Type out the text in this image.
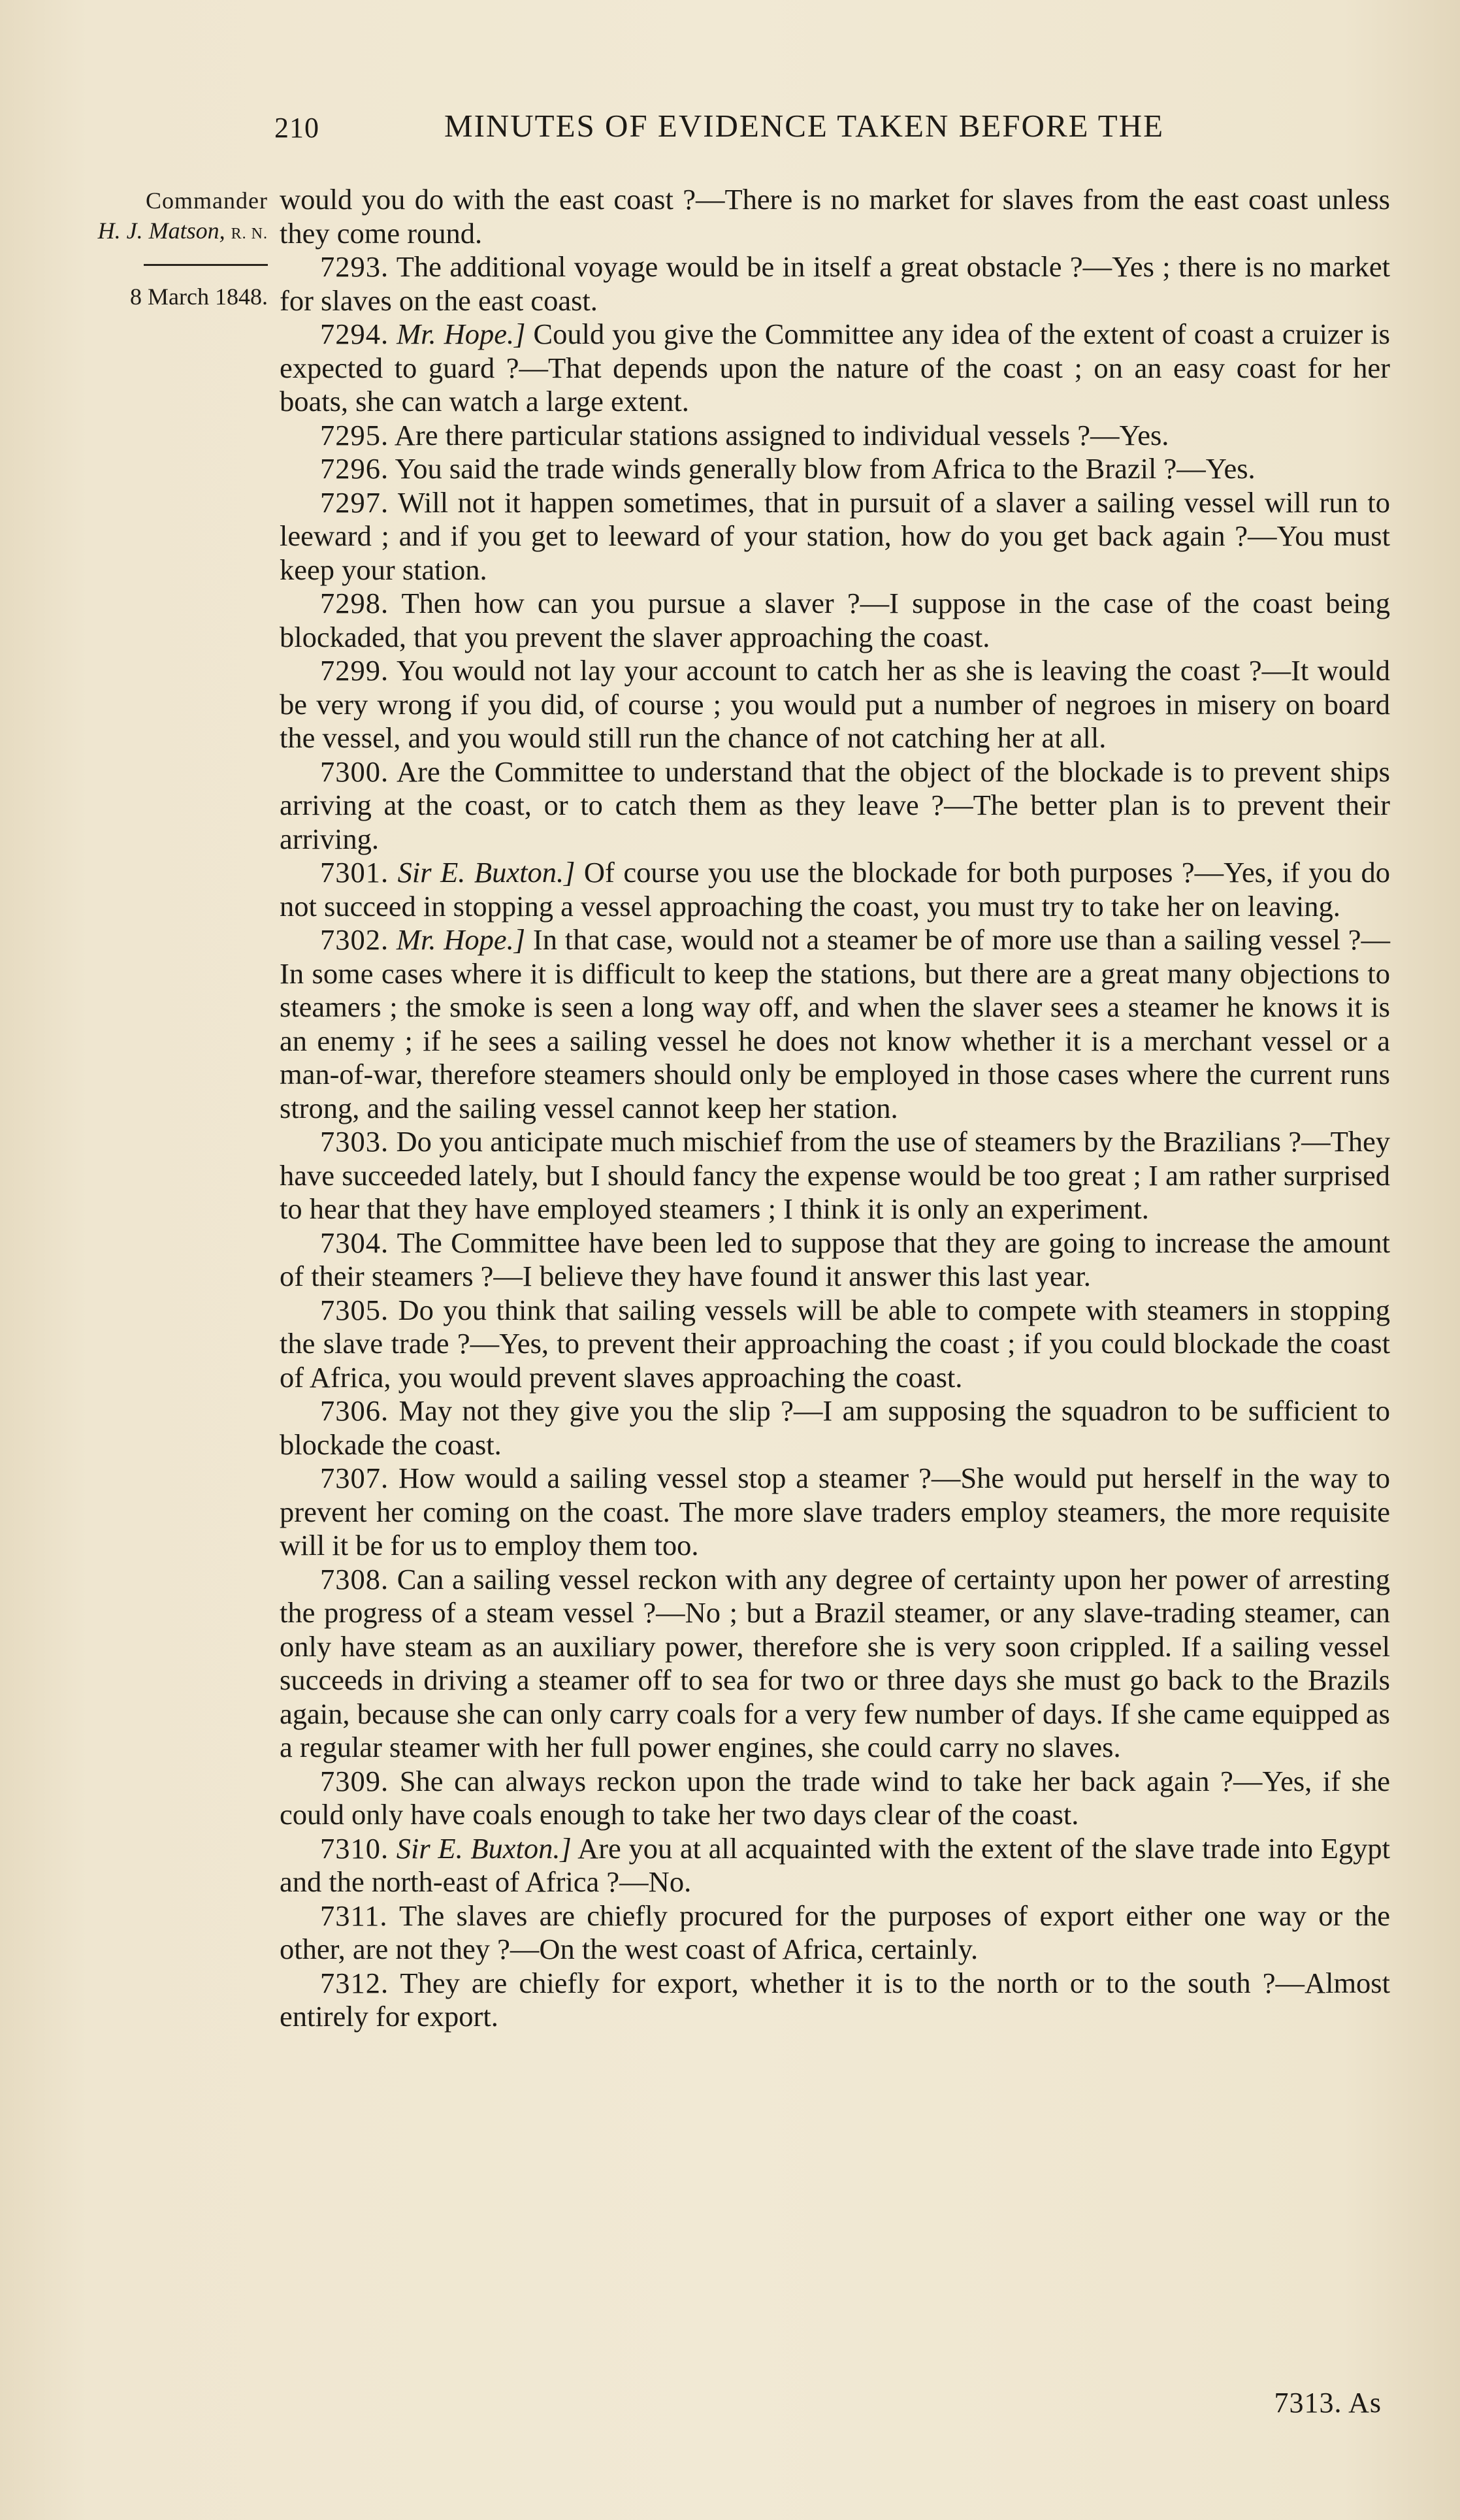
210	MINUTES OF EVIDENCE TAKEN BEFORE THE
Commander
H. J. Matson, R. N.
8 March 1848.

would you do with the east coast ?—There is no market for slaves from the east coast unless they come round.

7293. The additional voyage would be in itself a great obstacle ?—Yes ; there is no market for slaves on the east coast.

7294. Mr. Hope.] Could you give the Committee any idea of the extent of coast a cruizer is expected to guard ?—That depends upon the nature of the coast ; on an easy coast for her boats, she can watch a large extent.

7295. Are there particular stations assigned to individual vessels ?—Yes.

7296. You said the trade winds generally blow from Africa to the Brazil ?—Yes.

7297. Will not it happen sometimes, that in pursuit of a slaver a sailing vessel will run to leeward ; and if you get to leeward of your station, how do you get back again ?—You must keep your station.

7298. Then how can you pursue a slaver ?—I suppose in the case of the coast being blockaded, that you prevent the slaver approaching the coast.

7299. You would not lay your account to catch her as she is leaving the coast ?—It would be very wrong if you did, of course ; you would put a number of negroes in misery on board the vessel, and you would still run the chance of not catching her at all.

7300. Are the Committee to understand that the object of the blockade is to prevent ships arriving at the coast, or to catch them as they leave ?—The better plan is to prevent their arriving.

7301. Sir E. Buxton.] Of course you use the blockade for both purposes ?—Yes, if you do not succeed in stopping a vessel approaching the coast, you must try to take her on leaving.

7302. Mr. Hope.] In that case, would not a steamer be of more use than a sailing vessel ?—In some cases where it is difficult to keep the stations, but there are a great many objections to steamers ; the smoke is seen a long way off, and when the slaver sees a steamer he knows it is an enemy ; if he sees a sailing vessel he does not know whether it is a merchant vessel or a man-of-war, therefore steamers should only be employed in those cases where the current runs strong, and the sailing vessel cannot keep her station.

7303. Do you anticipate much mischief from the use of steamers by the Brazilians ?—They have succeeded lately, but I should fancy the expense would be too great ; I am rather surprised to hear that they have employed steamers ; I think it is only an experiment.

7304. The Committee have been led to suppose that they are going to increase the amount of their steamers ?—I believe they have found it answer this last year.

7305. Do you think that sailing vessels will be able to compete with steamers in stopping the slave trade ?—Yes, to prevent their approaching the coast ; if you could blockade the coast of Africa, you would prevent slaves approaching the coast.

7306. May not they give you the slip ?—I am supposing the squadron to be sufficient to blockade the coast.

7307. How would a sailing vessel stop a steamer ?—She would put herself in the way to prevent her coming on the coast. The more slave traders employ steamers, the more requisite will it be for us to employ them too.

7308. Can a sailing vessel reckon with any degree of certainty upon her power of arresting the progress of a steam vessel ?—No ; but a Brazil steamer, or any slave-trading steamer, can only have steam as an auxiliary power, therefore she is very soon crippled. If a sailing vessel succeeds in driving a steamer off to sea for two or three days she must go back to the Brazils again, because she can only carry coals for a very few number of days. If she came equipped as a regular steamer with her full power engines, she could carry no slaves.

7309. She can always reckon upon the trade wind to take her back again ?—Yes, if she could only have coals enough to take her two days clear of the coast.

7310. Sir E. Buxton.] Are you at all acquainted with the extent of the slave trade into Egypt and the north-east of Africa ?—No.

7311. The slaves are chiefly procured for the purposes of export either one way or the other, are not they ?—On the west coast of Africa, certainly.

7312. They are chiefly for export, whether it is to the north or to the south ?—Almost entirely for export.

7313. As
